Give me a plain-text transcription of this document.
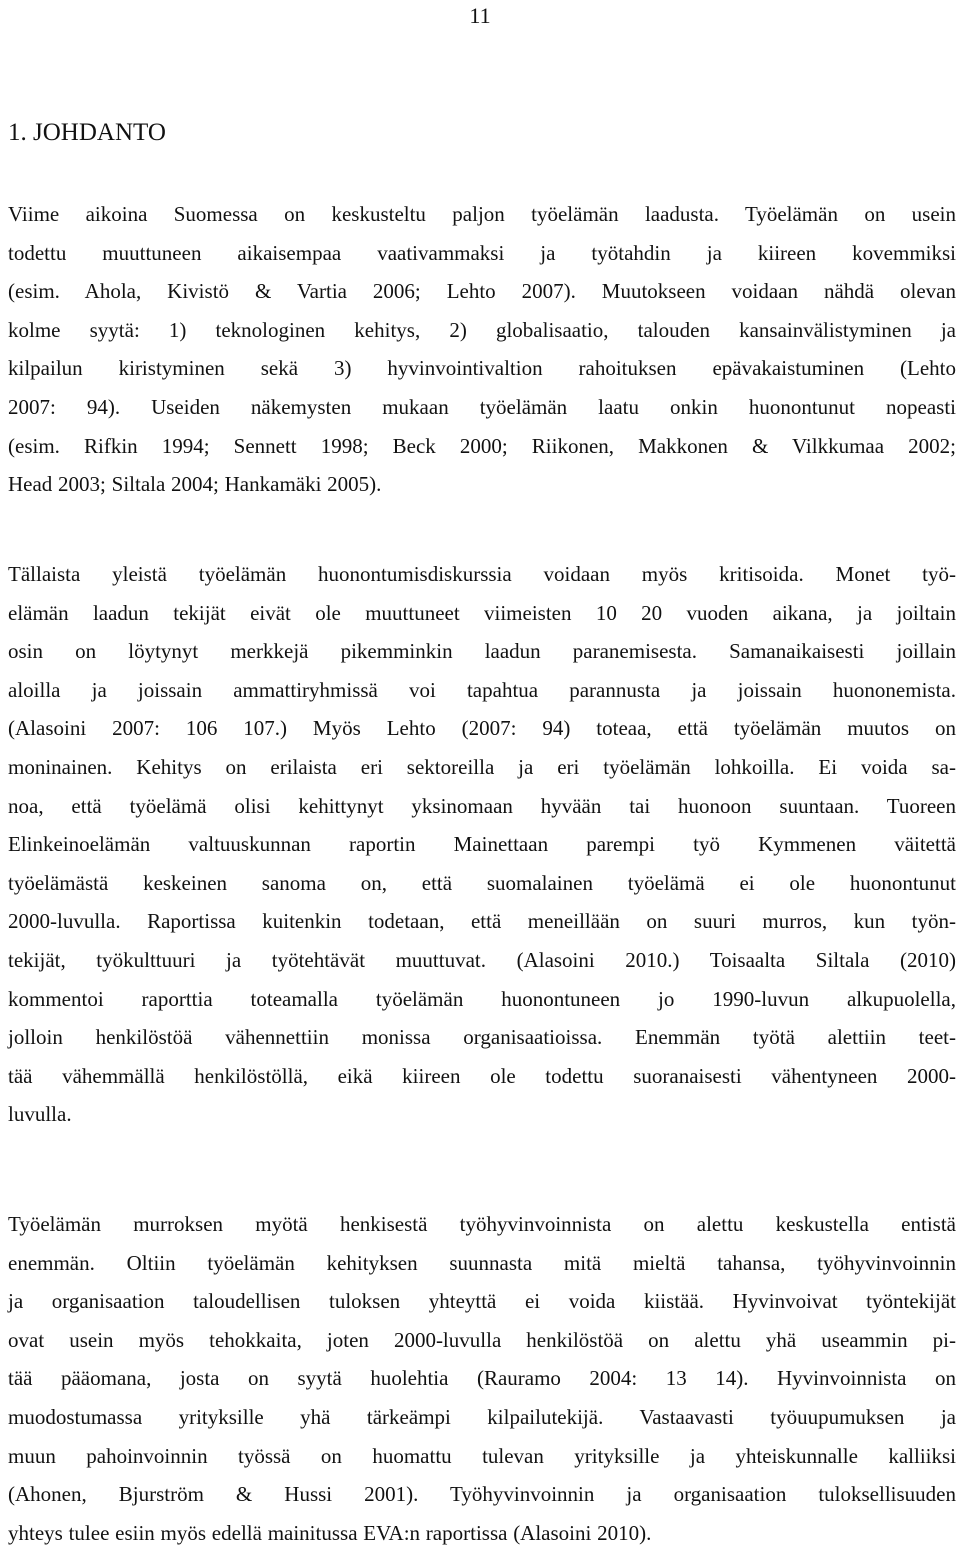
11
1. JOHDANTO
Viime aikoina Suomessa on keskusteltu paljon työelämän laadusta. Työelämän on usein
todettu muuttuneen aikaisempaa vaativammaksi ja työtahdin ja kiireen kovemmiksi
(esim. Ahola, Kivistö & Vartia 2006; Lehto 2007). Muutokseen voidaan nähdä olevan
kolme syytä: 1) teknologinen kehitys, 2) globalisaatio, talouden kansainvälistyminen ja
kilpailun kiristyminen sekä 3) hyvinvointivaltion rahoituksen epävakaistuminen (Lehto
2007: 94). Useiden näkemysten mukaan työelämän laatu onkin huonontunut nopeasti
(esim. Rifkin 1994; Sennett 1998; Beck 2000; Riikonen, Makkonen & Vilkkumaa 2002;
Head 2003; Siltala 2004; Hankamäki 2005).
Tällaista yleistä työelämän huonontumisdiskurssia voidaan myös kritisoida. Monet työ-
elämän laadun tekijät eivät ole muuttuneet viimeisten 10 20 vuoden aikana, ja joiltain
osin on löytynyt merkkejä pikemminkin laadun paranemisesta. Samanaikaisesti joillain
aloilla ja joissain ammattiryhmissä voi tapahtua parannusta ja joissain huononemista.
(Alasoini 2007: 106 107.) Myös Lehto (2007: 94) toteaa, että työelämän muutos on
moninainen. Kehitys on erilaista eri sektoreilla ja eri työelämän lohkoilla. Ei voida sa-
noa, että työelämä olisi kehittynyt yksinomaan hyvään tai huonoon suuntaan. Tuoreen
Elinkeinoelämän valtuuskunnan raportin Mainettaan parempi työ Kymmenen väitettä
työelämästä keskeinen sanoma on, että suomalainen työelämä ei ole huonontunut
2000-luvulla. Raportissa kuitenkin todetaan, että meneillään on suuri murros, kun työn-
tekijät, työkulttuuri ja työtehtävät muuttuvat. (Alasoini 2010.) Toisaalta Siltala (2010)
kommentoi raporttia toteamalla työelämän huonontuneen jo 1990-luvun alkupuolella,
jolloin henkilöstöä vähennettiin monissa organisaatioissa. Enemmän työtä alettiin teet-
tää vähemmällä henkilöstöllä, eikä kiireen ole todettu suoranaisesti vähentyneen 2000-
luvulla.
Työelämän murroksen myötä henkisestä työhyvinvoinnista on alettu keskustella entistä
enemmän. Oltiin työelämän kehityksen suunnasta mitä mieltä tahansa, työhyvinvoinnin
ja organisaation taloudellisen tuloksen yhteyttä ei voida kiistää. Hyvinvoivat työntekijät
ovat usein myös tehokkaita, joten 2000-luvulla henkilöstöä on alettu yhä useammin pi-
tää pääomana, josta on syytä huolehtia (Rauramo 2004: 13 14). Hyvinvoinnista on
muodostumassa yrityksille yhä tärkeämpi kilpailutekijä. Vastaavasti työuupumuksen ja
muun pahoinvoinnin työssä on huomattu tulevan yrityksille ja yhteiskunnalle kalliiksi
(Ahonen, Bjurström & Hussi 2001). Työhyvinvoinnin ja organisaation tuloksellisuuden
yhteys tulee esiin myös edellä mainitussa EVA:n raportissa (Alasoini 2010).
